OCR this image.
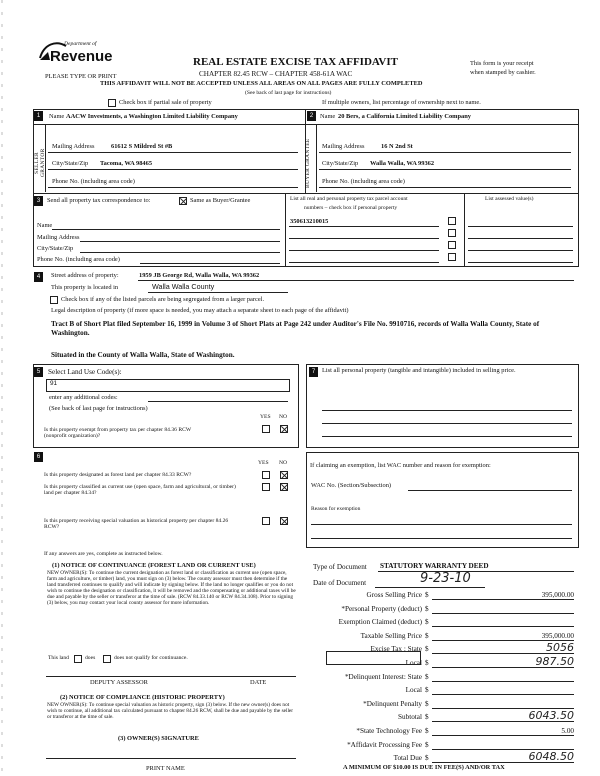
Department of
Revenue
PLEASE TYPE OR PRINT
REAL ESTATE EXCISE TAX AFFIDAVIT
CHAPTER 82.45 RCW – CHAPTER 458-61A WAC
THIS AFFIDAVIT WILL NOT BE ACCEPTED UNLESS ALL AREAS ON ALL PAGES ARE FULLY COMPLETED
(See back of last page for instructions)
This form is your receipt
when stamped by cashier.
Check box if partial sale of property	If multiple owners, list percentage of ownership next to name.
1
SELLER GRANTOR
Name AACW Investments, a Washington Limited Liability Company
Mailing Address	61612 S Mildred St #B
City/State/Zip Tacoma, WA 98465
Phone No. (including area code)
2
BUYER GRANTEE
Name 20 Bers, a California Limited Liability Company
Mailing Address	16 N 2nd St
City/State/Zip Walla Walla, WA 99362
Phone No. (including area code)
3	Send all property tax correspondence to:	Same as Buyer/Grantee
Name
Mailing Address
City/State/Zip
Phone No. (including area code)
List all real and personal property tax parcel account
numbers – check box if personal property
List assessed value(s)
350613210015
4	Street address of property:	1959 JB George Rd, Walla Walla, WA 99362
This property is located in	Walla Walla County
Check box if any of the listed parcels are being segregated from a larger parcel.
Legal description of property (if more space is needed, you may attach a separate sheet to each page of the affidavit)
Tract B of Short Plat filed September 16, 1999 in Volume 3 of Short Plats at Page 242 under Auditor's File No. 9910716, records of Walla Walla County, State of Washington.
Situated in the County of Walla Walla, State of Washington.
5	Select Land Use Code(s):
91
enter any additional codes:
(See back of last page for instructions)
YES NO
Is this property exempt from property tax per chapter 84.36 RCW (nonprofit organization)?
7	List all personal property (tangible and intangible) included in selling price.
6
YES NO
Is this property designated as forest land per chapter 84.33 RCW?
Is this property classified as current use (open space, farm and agricultural, or timber) land per chapter 84.34?
Is this property receiving special valuation as historical property per chapter 84.26 RCW?
If any answers are yes, complete as instructed below.
(1) NOTICE OF CONTINUANCE (FOREST LAND OR CURRENT USE)
NEW OWNER(S): To continue the current designation as forest land or classification as current use (open space, farm and agriculture, or timber) land, you must sign on (3) below. The county assessor must then determine if the land transferred continues to qualify and will indicate by signing below. If the land no longer qualifies or you do not wish to continue the designation or classification, it will be removed and the compensating or additional taxes will be due and payable by the seller or transferor at the time of sale. (RCW 84.33.140 or RCW 84.34.108). Prior to signing (3) below, you may contact your local county assessor for more information.
This land	does	does not qualify for continuance.
DEPUTY ASSESSOR	DATE
(2) NOTICE OF COMPLIANCE (HISTORIC PROPERTY)
NEW OWNER(S): To continue special valuation as historic property, sign (3) below. If the new owner(s) does not wish to continue, all additional tax calculated pursuant to chapter 84.26 RCW, shall be due and payable by the seller or transferor at the time of sale.
(3) OWNER(S) SIGNATURE
PRINT NAME
If claiming an exemption, list WAC number and reason for exemption:
WAC No. (Section/Subsection)
Reason for exemption
Type of Document STATUTORY WARRANTY DEED
Date of Document	9-23-10
Gross Selling Price $	395,000.00
*Personal Property (deduct) $
Exemption Claimed (deduct) $
Taxable Selling Price $	395,000.00
Excise Tax : State $	5056
Local $	987.50
*Delinquent Interest: State $
Local $
*Delinquent Penalty $
Subtotal $	6043.50
*State Technology Fee $	5.00
*Affidavit Processing Fee $
Total Due $	6048.50
A MINIMUM OF $10.00 IS DUE IN FEE(S) AND/OR TAX
